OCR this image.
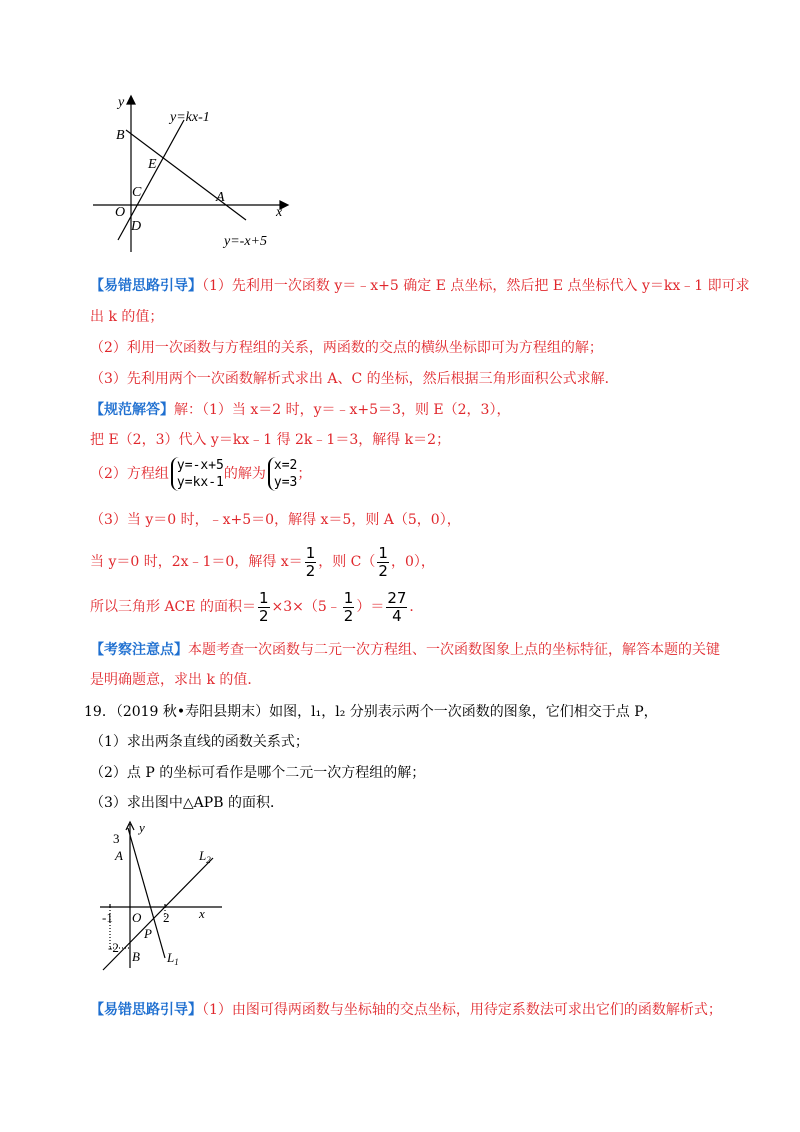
y
x
O
B
E
C
D
A
y=kx-1
y=-x+5
【易错思路引导】（1）先利用一次函数 y＝﹣x+5 确定 E 点坐标，然后把 E 点坐标代入 y＝kx﹣1 即可求
出 k 的值；
（2）利用一次函数与方程组的关系，两函数的交点的横纵坐标即可为方程组的解；
（3）先利用两个一次函数解析式求出 A、C 的坐标，然后根据三角形面积公式求解．
【规范解答】解：（1）当 x＝2 时，y＝﹣x+5＝3，则 E（2，3），
把 E（2，3）代入 y＝kx﹣1 得 2k﹣1＝3，解得 k＝2；
（2）方程组
y=-x+5
y=kx-1
的解为
x=2
y=3
；
（3）当 y＝0 时，﹣x+5＝0，解得 x＝5，则 A（5，0），
当 y＝0 时，2x﹣1＝0，解得 $x= \frac{1}{2}$ ，则 $C( \frac{1}{2}$ ，0），
所以三角形 ACE 的面积＝ $\frac{1}{2}$ ×3×（5﹣ $\frac{1}{2}$ ）＝ $\frac{27}{4}$ ．
【考察注意点】本题考查一次函数与二元一次方程组、一次函数图象上点的坐标特征，解答本题的关键
是明确题意，求出 k 的值．
19．（2019 秋•寿阳县期末）如图，l₁，l₂ 分别表示两个一次函数的图象，它们相交于点 P，
（1）求出两条直线的函数关系式；
（2）点 P 的坐标可看作是哪个二元一次方程组的解；
（3）求出图中△APB 的面积．
y
x
O
3
A
-1	2
-2
B
P
$L_2$
$L_1$
【易错思路引导】（1）由图可得两函数与坐标轴的交点坐标，用待定系数法可求出它们的函数解析式；
